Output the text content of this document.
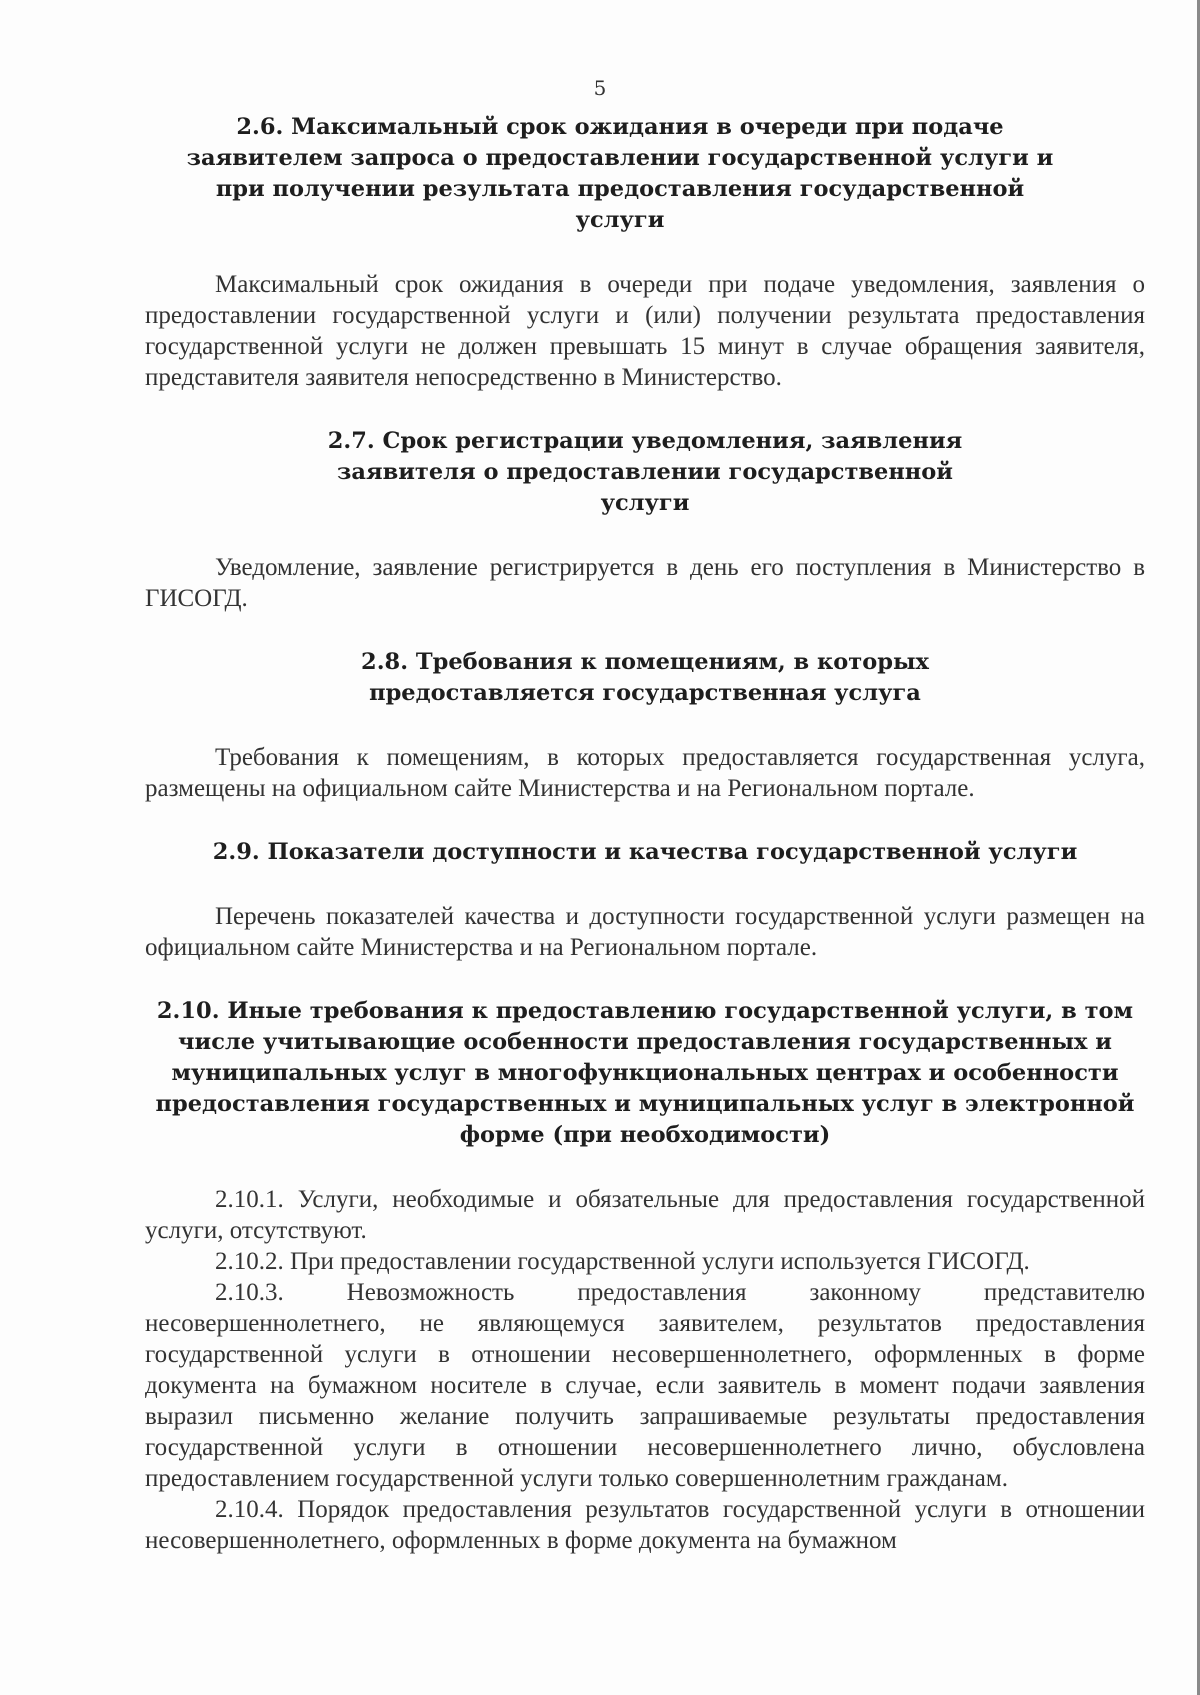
5
2.6. Максимальный срок ожидания в очереди при подаче заявителем запроса о предоставлении государственной услуги и при получении результата предоставления государственной услуги

Максимальный срок ожидания в очереди при подаче уведомления, заявления о предоставлении государственной услуги и (или) получении результата предоставления государственной услуги не должен превышать 15 минут в случае обращения заявителя, представителя заявителя непосредственно в Министерство.

2.7. Срок регистрации уведомления, заявления заявителя о предоставлении государственной услуги

Уведомление, заявление регистрируется в день его поступления в Министерство в ГИСОГД.

2.8. Требования к помещениям, в которых предоставляется государственная услуга

Требования к помещениям, в которых предоставляется государственная услуга, размещены на официальном сайте Министерства и на Региональном портале.

2.9. Показатели доступности и качества государственной услуги

Перечень показателей качества и доступности государственной услуги размещен на официальном сайте Министерства и на Региональном портале.

2.10. Иные требования к предоставлению государственной услуги, в том числе учитывающие особенности предоставления государственных и муниципальных услуг в многофункциональных центрах и особенности предоставления государственных и муниципальных услуг в электронной форме (при необходимости)

2.10.1. Услуги, необходимые и обязательные для предоставления государственной услуги, отсутствуют.

2.10.2. При предоставлении государственной услуги используется ГИСОГД.

2.10.3. Невозможность предоставления законному представителю несовершеннолетнего, не являющемуся заявителем, результатов предоставления государственной услуги в отношении несовершеннолетнего, оформленных в форме документа на бумажном носителе в случае, если заявитель в момент подачи заявления выразил письменно желание получить запрашиваемые результаты предоставления государственной услуги в отношении несовершеннолетнего лично, обусловлена предоставлением государственной услуги только совершеннолетним гражданам.

2.10.4. Порядок предоставления результатов государственной услуги в отношении несовершеннолетнего, оформленных в форме документа на бумажном
